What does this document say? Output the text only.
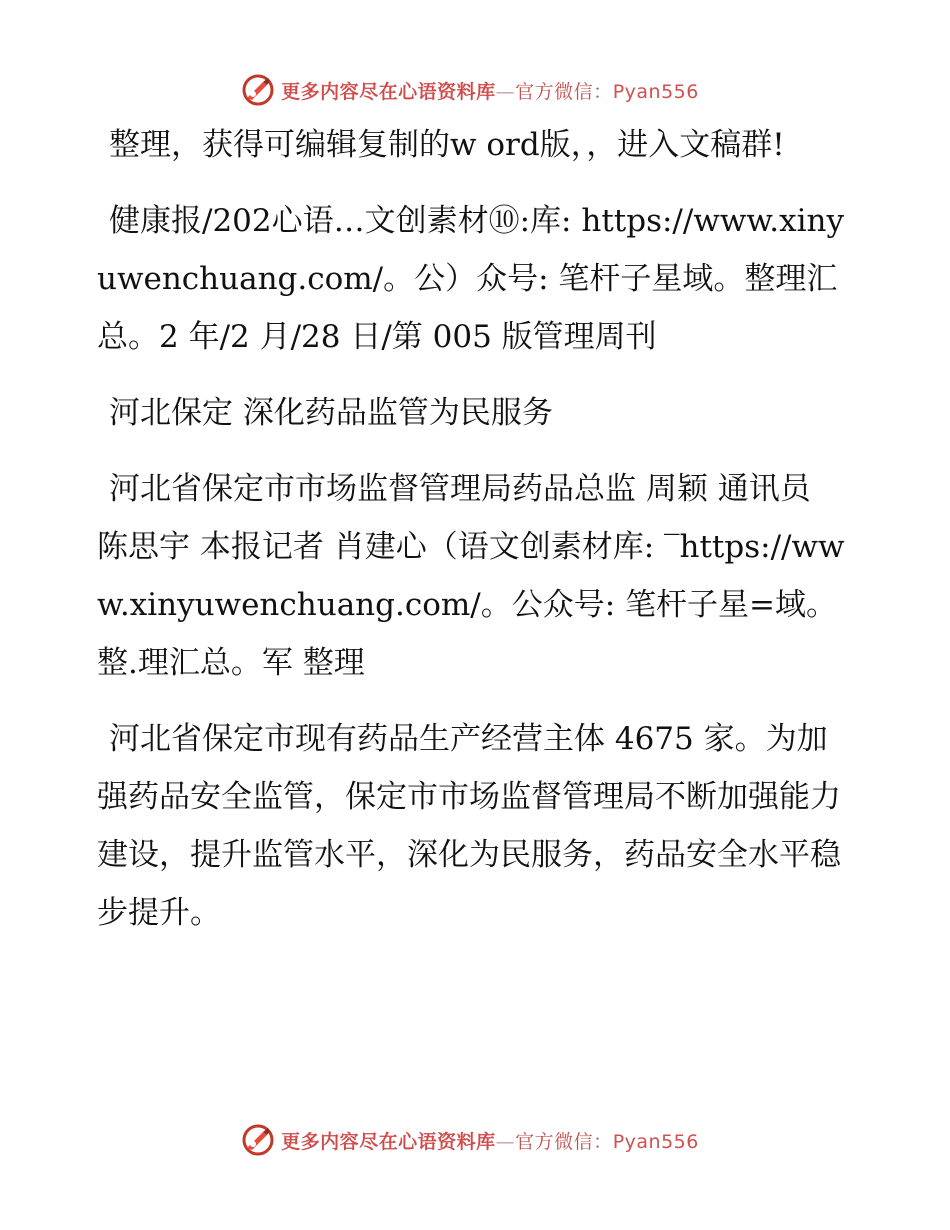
更多内容尽在心语资料库—官方微信：Pyan556

整理，获得可编辑复制的w ord版，，进入文稿群!

健康报/202心语…文创素材⑩:库: https://www.xinyuwenchuang.com/。公）众号: 笔杆子星域。整理汇总。2 年/2 月/28 日/第 005 版管理周刊

河北保定 深化药品监管为民服务

河北省保定市市场监督管理局药品总监 周颖 通讯员 陈思宇 本报记者 肖建心（语文创素材库: ‾https://www.xinyuwenchuang.com/。公众号: 笔杆子星=域。整.理汇总。军 整理

河北省保定市现有药品生产经营主体 4675 家。为加强药品安全监管，保定市市场监督管理局不断加强能力建设，提升监管水平，深化为民服务，药品安全水平稳步提升。

更多内容尽在心语资料库—官方微信：Pyan556
